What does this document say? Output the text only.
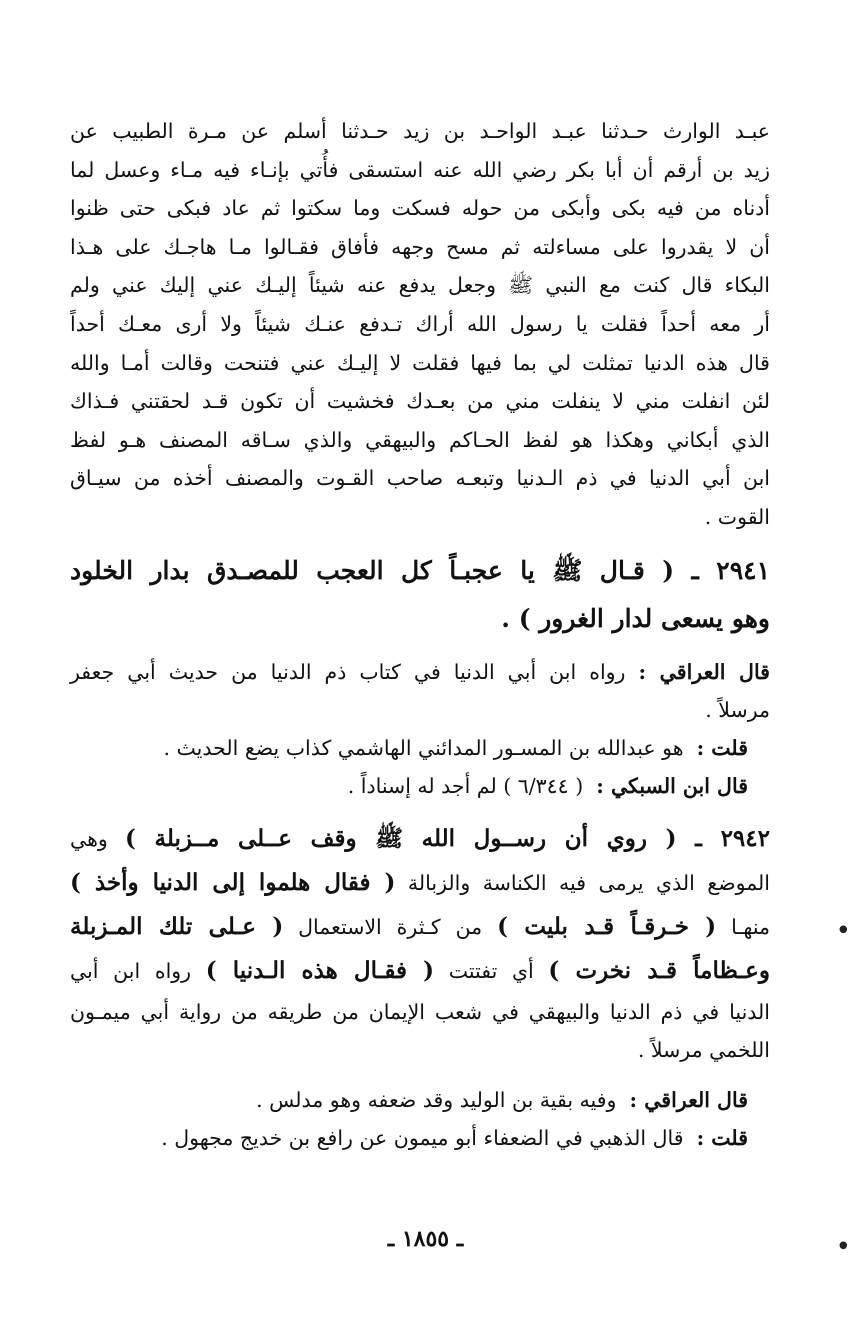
عبـد الوارث حـدثنا عبـد الواحـد بن زيد حـدثنا أسلم عن مـرة الطبيب عن
زيد بن أرقم أن أبا بكر رضي الله عنه استسقى فأُتي بإنـاء فيه مـاء وعسل لما
أدناه من فيه بكى وأبكى من حوله فسكت وما سكتوا ثم عاد فبكى حتى ظنوا
أن لا يقدروا على مساءلته ثم مسح وجهه فأفاق فقـالوا مـا هاجـك على هـذا
البكاء قال كنت مع النبي ﷺ وجعل يدفع عنه شيئاً إليـك عني إليك عني ولم
أر معه أحداً فقلت يا رسول الله أراك تـدفع عنـك شيئاً ولا أرى معـك أحداً
قال هذه الدنيا تمثلت لي بما فيها فقلت لا إليـك عني فتنحت وقالت أمـا والله
لئن انفلت مني لا ينفلت مني من بعـدك فخشيت أن تكون قـد لحقتني فـذاك
الذي أبكاني وهكذا هو لفظ الحـاكم والبيهقي والذي سـاقه المصنف هـو لفظ
ابن أبي الدنيا في ذم الـدنيا وتبعـه صاحب القـوت والمصنف أخذه من سيـاق
القوت .
٢٩٤١ ـ ( قـال ﷺ يا عجبـاً كل العجب للمصـدق بدار الخلود
وهو يسعى لدار الغرور ) .
قال العراقي : رواه ابن أبي الدنيا في كتاب ذم الدنيا من حديث أبي جعفر
مرسلاً .
قلت :  هو عبدالله بن المسـور المدائني الهاشمي كذاب يضع الحديث .
قال ابن السبكي :  ( ٦/٣٤٤ ) لم أجد له إسناداً .
٢٩٤٢ ـ ( روي أن رســول الله ﷺ وقف عــلى مــزبلة ) وهي
الموضع الذي يرمى فيه الكناسة والزبالة ( فقال هلموا إلى الدنيا وأخذ )
منهـا ( خـرقـاً قـد بليت ) من كـثرة الاستعمال ( عـلى تلك المـزبلة
وعـظاماً قـد نخرت ) أي تفتتت ( فقـال هذه الـدنيا ) رواه ابن أبي
الدنيا في ذم الدنيا والبيهقي في شعب الإيمان من طريقه من رواية أبي ميمـون
اللخمي مرسلاً .
قال العراقي :  وفيه بقية بن الوليد وقد ضعفه وهو مدلس .
قلت :  قال الذهبي في الضعفاء أبو ميمون عن رافع بن خديج مجهول .
•
•
ـ ١٨٥٥ ـ
